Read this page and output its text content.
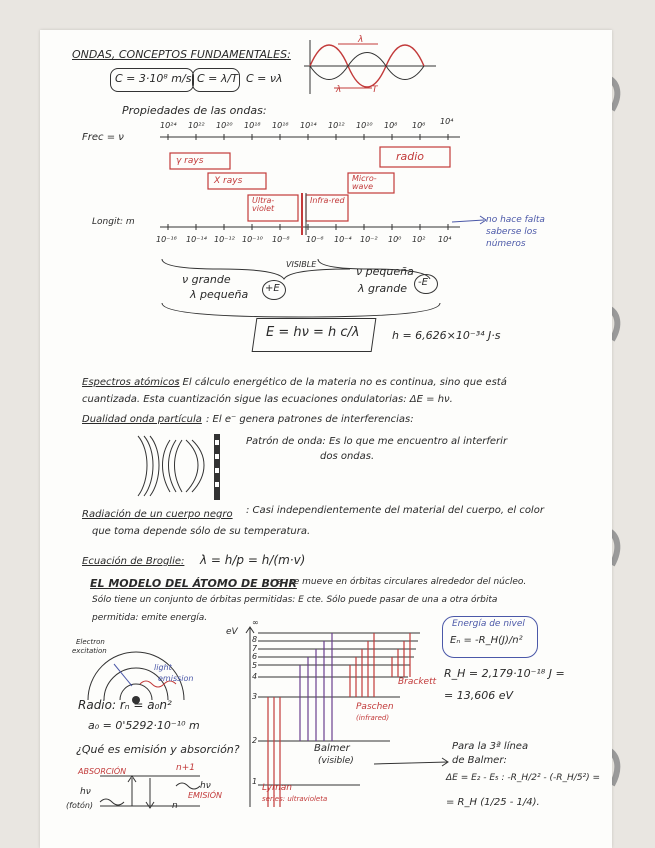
ONDAS, CONCEPTOS FUNDAMENTALES:
λ
λ	T
C = 3·10⁸ m/s C = λ/T C = νλ
Propiedades de las ondas:
Frec = ν
10²⁴ 10²² 10²⁰ 10¹⁸ 10¹⁶ 10¹⁴ 10¹² 10¹⁰ 10⁸ 10⁶ 10⁴
γ rays
X rays
Ultra-violet
Infra-red
Micro-wave
radio
Longit: m
10⁻¹⁶ 10⁻¹⁴ 10⁻¹² 10⁻¹⁰ 10⁻⁸ 10⁻⁶ 10⁻⁴ 10⁻² 10⁰ 10² 10⁴
no hace falta saberse los números
VISIBLE
ν grande
λ pequeña +E
ν pequeña
λ grande -E
E = hν = h c/λ	h = 6,626×10⁻³⁴ J·s
Espectros atómicos
: El cálculo energético de la materia no es continua, sino que está
cuantizada. Esta cuantización sigue las ecuaciones ondulatorias: ΔE = hν.
Dualidad onda partícula : El e⁻ genera patrones de interferencias:
Patrón de onda: Es lo que me encuentro al interferir
dos ondas.
Radiación de un cuerpo negro : Casi independientemente del material del cuerpo, el color
que toma depende sólo de su temperatura.
Ecuación de Broglie: λ = h/p = h/(m·v)
EL MODELO DEL ÁTOMO DE BOHR
: e⁻ se mueve en órbitas circulares alrededor del núcleo.
Sólo tiene un conjunto de órbitas permitidas: E cte. Sólo puede pasar de una a otra órbita
permitida: emite energía.
Electron
excitation
light
emission
Radio: rₙ = a₀n²
a₀ = 0'5292·10⁻¹⁰ m
¿Qué es emisión y absorción?
ABSORCIÓN
EMISIÓN
hν
hν
(fotón)
n+1
n
eV
∞
8
7
6
5
4
3
2
1
Lyman
series: ultravioleta
Balmer
(visible)
Paschen
(infrared)
Brackett
Energía de nivel
Eₙ = -R_H(J)/n²
R_H = 2,179·10⁻¹⁸ J =
= 13,606 eV
Para la 3ª línea
de Balmer:
ΔE = E₂ - E₅ : -R_H/2² - (-R_H/5²) =
= R_H (1/25 - 1/4).
